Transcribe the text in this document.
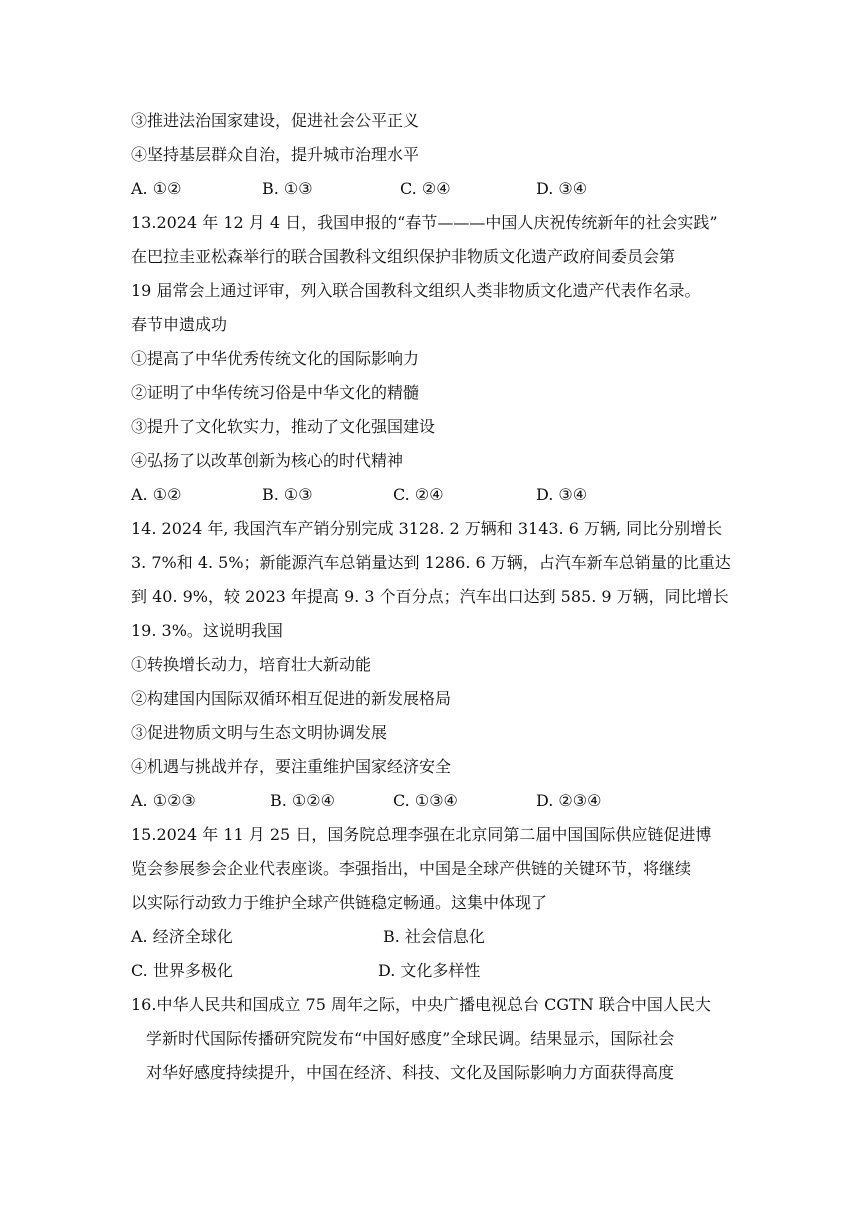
③推进法治国家建设，促进社会公平正义
④坚持基层群众自治，提升城市治理水平
A. ①②	B. ①③	C. ②④	D. ③④
13.2024 年 12 月 4 日，我国申报的“春节———中国人庆祝传统新年的社会实践”
在巴拉圭亚松森举行的联合国教科文组织保护非物质文化遗产政府间委员会第
19 届常会上通过评审，列入联合国教科文组织人类非物质文化遗产代表作名录。
春节申遗成功
①提高了中华优秀传统文化的国际影响力
②证明了中华传统习俗是中华文化的精髓
③提升了文化软实力，推动了文化强国建设
④弘扬了以改革创新为核心的时代精神
A. ①②	B. ①③	C. ②④	D. ③④
14. 2024 年, 我国汽车产销分别完成 3128. 2 万辆和 3143. 6 万辆, 同比分别增长
3. 7%和 4. 5%；新能源汽车总销量达到 1286. 6 万辆，占汽车新车总销量的比重达
到 40. 9%，较 2023 年提高 9. 3 个百分点；汽车出口达到 585. 9 万辆，同比增长
19. 3%。这说明我国
①转换增长动力，培育壮大新动能
②构建国内国际双循环相互促进的新发展格局
③促进物质文明与生态文明协调发展
④机遇与挑战并存，要注重维护国家经济安全
A. ①②③	B. ①②④	C. ①③④	D. ②③④
15.2024 年 11 月 25 日，国务院总理李强在北京同第二届中国国际供应链促进博
览会参展参会企业代表座谈。李强指出，中国是全球产供链的关键环节，将继续
以实际行动致力于维护全球产供链稳定畅通。这集中体现了
A. 经济全球化	B. 社会信息化
C. 世界多极化	D. 文化多样性
16.中华人民共和国成立 75 周年之际，中央广播电视总台 CGTN 联合中国人民大
学新时代国际传播研究院发布“中国好感度”全球民调。结果显示，国际社会
对华好感度持续提升，中国在经济、科技、文化及国际影响力方面获得高度
